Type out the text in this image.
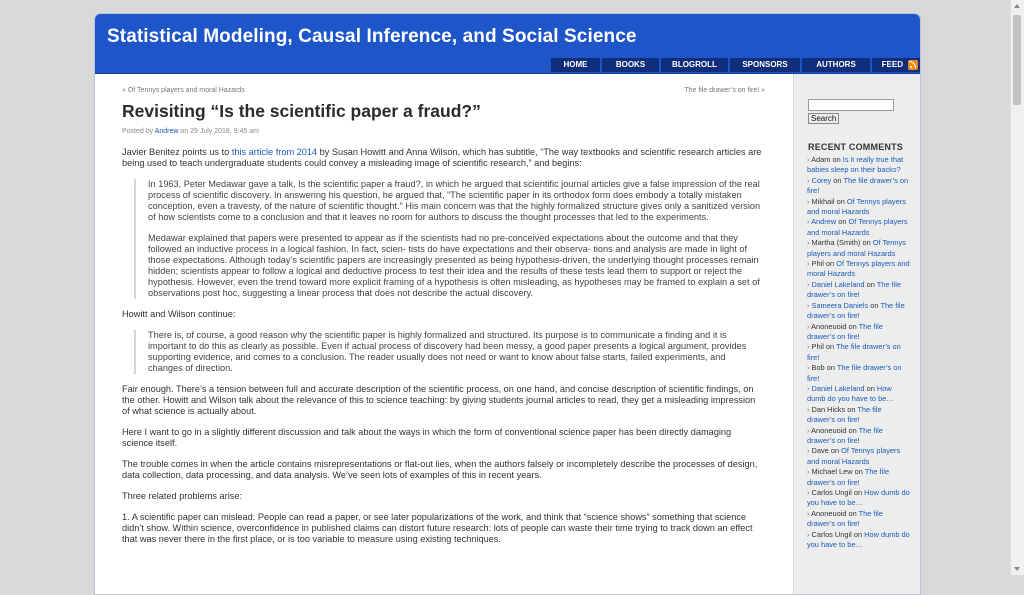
Statistical Modeling, Causal Inference, and Social Science
HOME	BOOKS	BLOGROLL	SPONSORS	AUTHORS	FEED
« Of Tennys players and moral Hazards	The file drawer’s on fire! »
Revisiting “Is the scientific paper a fraud?”
Posted by Andrew on 29 July 2018, 9:45 am

Javier Benitez points us to this article from 2014 by Susan Howitt and Anna Wilson, which has subtitle, “The way textbooks and scientific research articles are being used to teach undergraduate students could convey a misleading image of scientific research,” and begins:

In 1963, Peter Medawar gave a talk, Is the scientific paper a fraud?, in which he argued that scientific journal articles give a false impression of the real process of scientific discovery. In answering his question, he argued that, “The scientific paper in its orthodox form does embody a totally mistaken conception, even a travesty, of the nature of scientific thought.” His main concern was that the highly formalized structure gives only a sanitized version of how scientists come to a conclusion and that it leaves no room for authors to discuss the thought processes that led to the experiments.

Medawar explained that papers were presented to appear as if the scientists had no pre-conceived expectations about the outcome and that they followed an inductive process in a logical fashion. In fact, scien- tists do have expectations and their observa- tions and analysis are made in light of those expectations. Although today’s scientific papers are increasingly presented as being hypothesis-driven, the underlying thought processes remain hidden; scientists appear to follow a logical and deductive process to test their idea and the results of these tests lead them to support or reject the hypothesis. However, even the trend toward more explicit framing of a hypothesis is often misleading, as hypotheses may be framed to explain a set of observations post hoc, suggesting a linear process that does not describe the actual discovery.

Howitt and Wilson continue:

There is, of course, a good reason why the scientific paper is highly formalized and structured. Its purpose is to communicate a finding and it is important to do this as clearly as possible. Even if actual process of discovery had been messy, a good paper presents a logical argument, provides supporting evidence, and comes to a conclusion. The reader usually does not need or want to know about false starts, failed experiments, and changes of direction.

Fair enough. There’s a tension between full and accurate description of the scientific process, on one hand, and concise description of scientific findings, on the other. Howitt and Wilson talk about the relevance of this to science teaching: by giving students journal articles to read, they get a misleading impression of what science is actually about.

Here I want to go in a slightly different discussion and talk about the ways in which the form of conventional science paper has been directly damaging science itself.

The trouble comes in when the article contains misrepresentations or flat-out lies, when the authors falsely or incompletely describe the processes of design, data collection, data processing, and data analysis. We’ve seen lots of examples of this in recent years.

Three related problems arise:

1. A scientific paper can mislead. People can read a paper, or see later popularizations of the work, and think that “science shows” something that science didn’t show. Within science, overconfidence in published claims can distort future research: lots of people can waste their time trying to track down an effect that was never there in the first place, or is too variable to measure using existing techniques.

Search
RECENT COMMENTS
› Adam on Is it really true that babies sleep on their backs?
› Corey on The file drawer’s on fire!
› Mikhail on Of Tennys players and moral Hazards
› Andrew on Of Tennys players and moral Hazards
› Martha (Smith) on Of Tennys players and moral Hazards
› Phil on Of Tennys players and moral Hazards
› Daniel Lakeland on The file drawer’s on fire!
› Sameera Daniels on The file drawer’s on fire!
› Anoneuoid on The file drawer’s on fire!
› Phil on The file drawer’s on fire!
› Bob on The file drawer’s on fire!
› Daniel Lakeland on How dumb do you have to be…
› Dan Hicks on The file drawer’s on fire!
› Anoneuoid on The file drawer’s on fire!
› Dave on Of Tennys players and moral Hazards
› Michael Lew on The file drawer’s on fire!
› Carlos Ungil on How dumb do you have to be…
› Anoneuoid on The file drawer’s on fire!
› Carlos Ungil on How dumb do you have to be…
